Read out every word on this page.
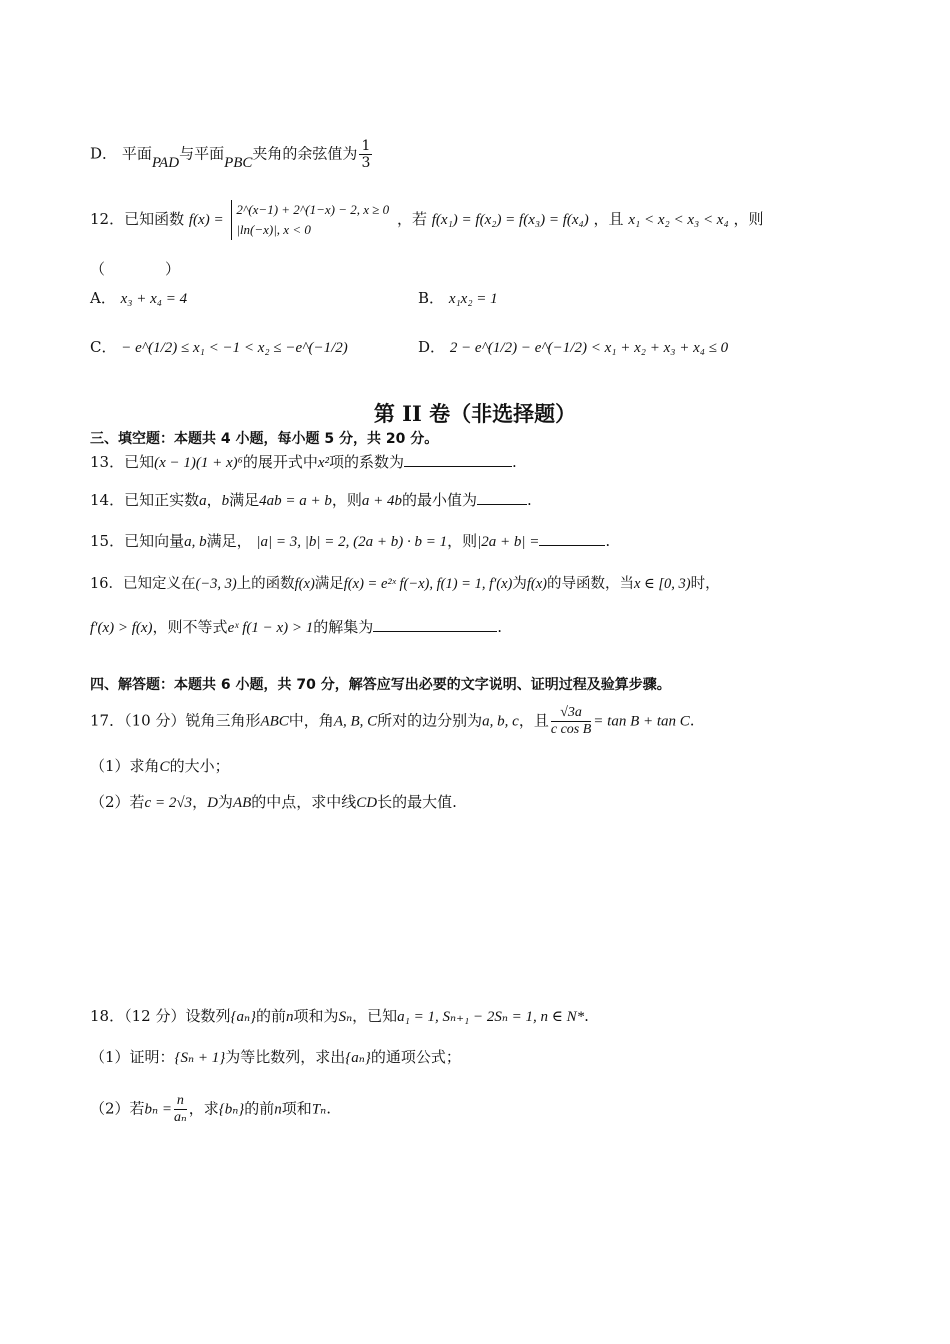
D． 平面PAD与平面PBC夹角的余弦值为 $\frac{1}{3}$
12．已知函数 f(x) =
2^(x−1) + 2^(1−x) − 2, x ≥ 0
|ln(−x)|, x < 0
，若 f(x₁) = f(x₂) = f(x₃) = f(x₄) ，且 x₁ < x₂ < x₃ < x₄ ，则
（　　　　）
A． x₃ + x₄ = 4	B． x₁x₂ = 1
C． − e^(1/2) ≤ x₁ < −1 < x₂ ≤ −e^(−1/2)	D． 2 − e^(1/2) − e^(−1/2) < x₁ + x₂ + x₃ + x₄ ≤ 0
第 II 卷（非选择题）
三、填空题：本题共 4 小题，每小题 5 分，共 20 分。
13．已知(x − 1)(1 + x)⁶的展开式中x²项的系数为	.
14．已知正实数a，b满足4ab = a + b，则a + 4b的最小值为	.
15．已知向量a, b满足， |a| = 3, |b| = 2, (2a + b) · b = 1，则|2a + b| =	.
16．已知定义在(−3, 3)上的函数f(x)满足f(x) = e²ˣ f(−x), f(1) = 1, f′(x)为f(x)的导函数，当x ∈ [0, 3)时，
f′(x) > f(x)，则不等式eˣ f(1 − x) > 1的解集为	.
四、解答题：本题共 6 小题，共 70 分，解答应写出必要的文字说明、证明过程及验算步骤。
17．（10 分）锐角三角形ABC中，角A, B, C所对的边分别为a, b, c，且 $\frac{√3a}{\text{c cos B}} = \tan B + \tan C$.
（1）求角C的大小；
（2）若c = 2√3，D为AB的中点，求中线CD长的最大值.
18．（12 分）设数列{aₙ}的前n项和为Sₙ，已知a₁ = 1, Sₙ₊₁ − 2Sₙ = 1, n ∈ N*.
（1）证明：{Sₙ + 1}为等比数列，求出{aₙ}的通项公式；
（2）若$b_n = \frac{n}{\text{aₙ}}$ ，求{bₙ}的前n项和Tₙ.
